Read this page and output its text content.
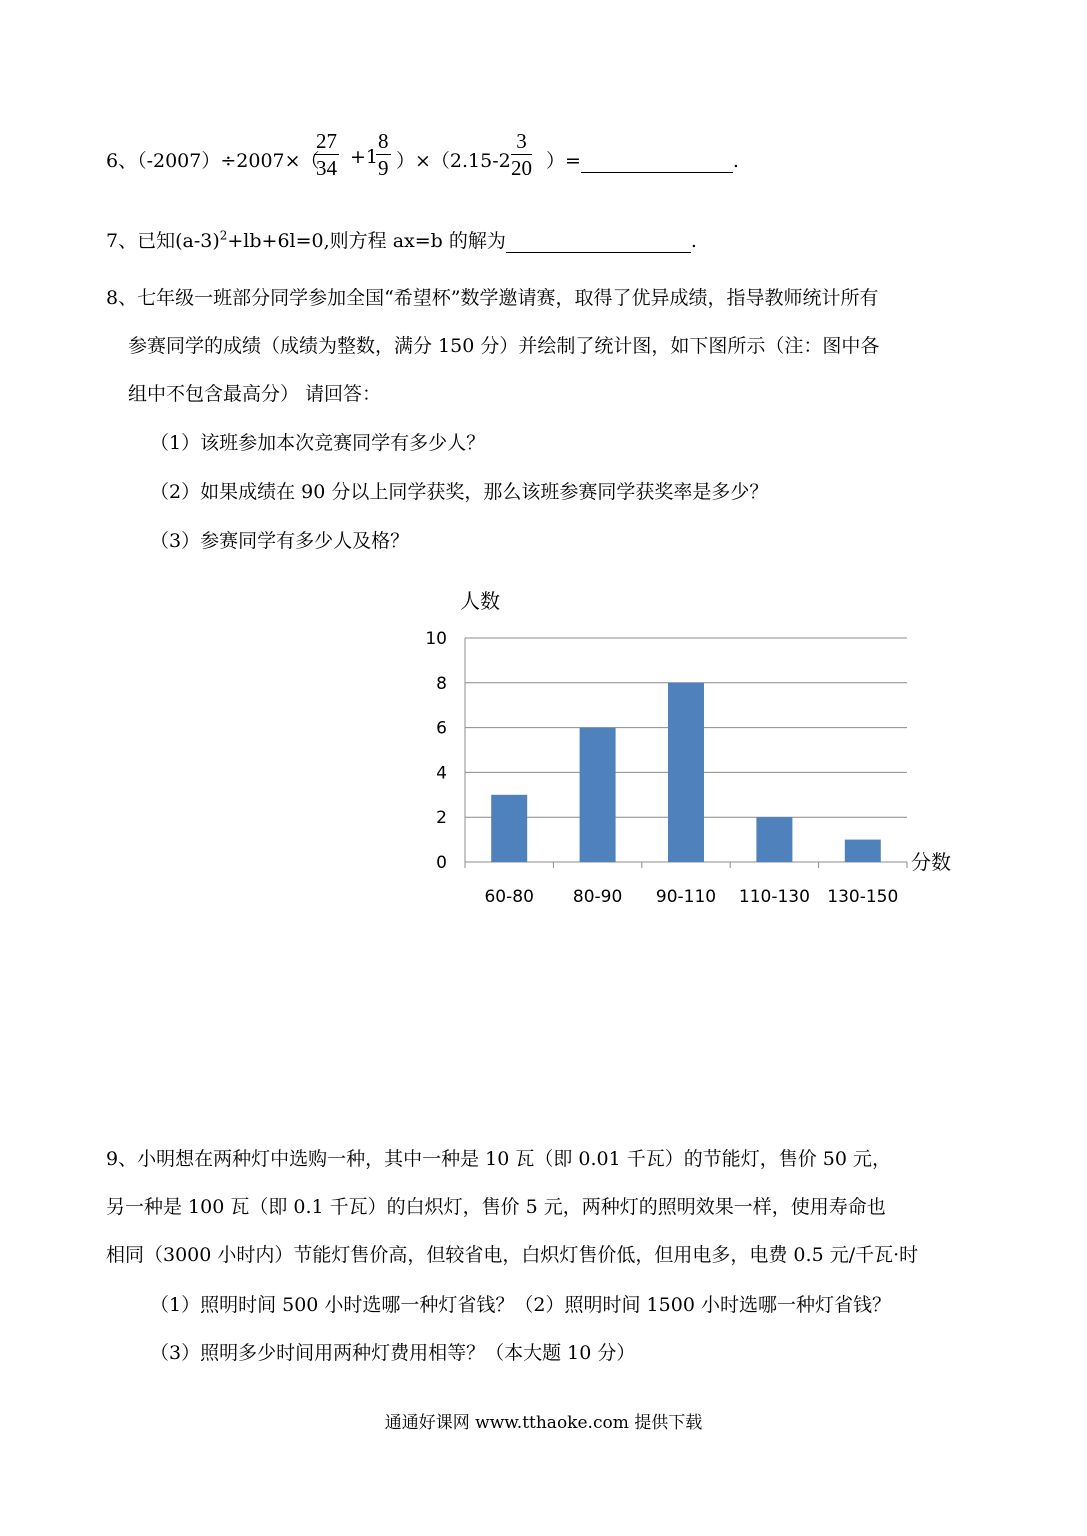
6、（-2007）÷2007×（
$\frac{27}{34} +1$
$\frac{8}{9} )\times(2.15-2 \frac{3}{20}$ ）=	.
7、已知$(a-3)^2+lb+6l=0$,则方程 ax=b 的解为	.
8、七年级一班部分同学参加全国“希望杯”数学邀请赛，取得了优异成绩，指导教师统计所有
参赛同学的成绩（成绩为整数，满分 150 分）并绘制了统计图，如下图所示（注：图中各
组中不包含最高分） 请回答：
（1）该班参加本次竞赛同学有多少人？
（2）如果成绩在 90 分以上同学获奖，那么该班参赛同学获奖率是多少？
（3）参赛同学有多少人及格？
0
2
4
6
8
10
60-80 80-90 90-110 110-130 130-150
人数
分数
9、小明想在两种灯中选购一种，其中一种是 10 瓦（即 0.01 千瓦）的节能灯，售价 50 元，
另一种是 100 瓦（即 0.1 千瓦）的白炽灯，售价 5 元，两种灯的照明效果一样，使用寿命也
相同（3000 小时内）节能灯售价高，但较省电，白炽灯售价低，但用电多，电费 0.5 元/千瓦·时
（1）照明时间 500 小时选哪一种灯省钱？（2）照明时间 1500 小时选哪一种灯省钱？
（3）照明多少时间用两种灯费用相等？（本大题 10 分）
通通好课网 www.tthaoke.com 提供下载
